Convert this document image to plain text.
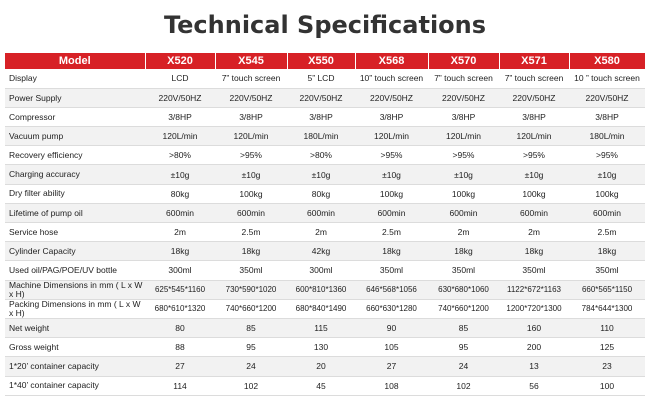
Technical Specifications
Model	X520	X545	X550	X568	X570	X571	X580
Display	LCD	7” touch screen	5” LCD	10” touch screen	7” touch screen	7” touch screen	10 ” touch screen
Power Supply	220V/50HZ	220V/50HZ	220V/50HZ	220V/50HZ	220V/50HZ	220V/50HZ	220V/50HZ
Compressor	3/8HP	3/8HP	3/8HP	3/8HP	3/8HP	3/8HP	3/8HP
Vacuum pump	120L/min	120L/min	180L/min	120L/min	120L/min	120L/min	180L/min
Recovery efficiency	>80%	>95%	>80%	>95%	>95%	>95%	>95%
Charging accuracy	±10g	±10g	±10g	±10g	±10g	±10g	±10g
Dry filter ability	80kg	100kg	80kg	100kg	100kg	100kg	100kg
Lifetime of pump oil	600min	600min	600min	600min	600min	600min	600min
Service hose	2m	2.5m	2m	2.5m	2m	2m	2.5m
Cylinder Capacity	18kg	18kg	42kg	18kg	18kg	18kg	18kg
Used oil/PAG/POE/UV bottle	300ml	350ml	300ml	350ml	350ml	350ml	350ml
Machine Dimensions in mm ( L x W x H)	625*545*1160	730*590*1020	600*810*1360	646*568*1056	630*680*1060	1122*672*1163	660*565*1150
Packing Dimensions in mm ( L x W x H)	680*610*1320	740*660*1200	680*840*1490	660*630*1280	740*660*1200	1200*720*1300	784*644*1300
Net weight	80	85	115	90	85	160	110
Gross weight	88	95	130	105	95	200	125
1*20’ container capacity	27	24	20	27	24	13	23
1*40’ container capacity	114	102	45	108	102	56	100
